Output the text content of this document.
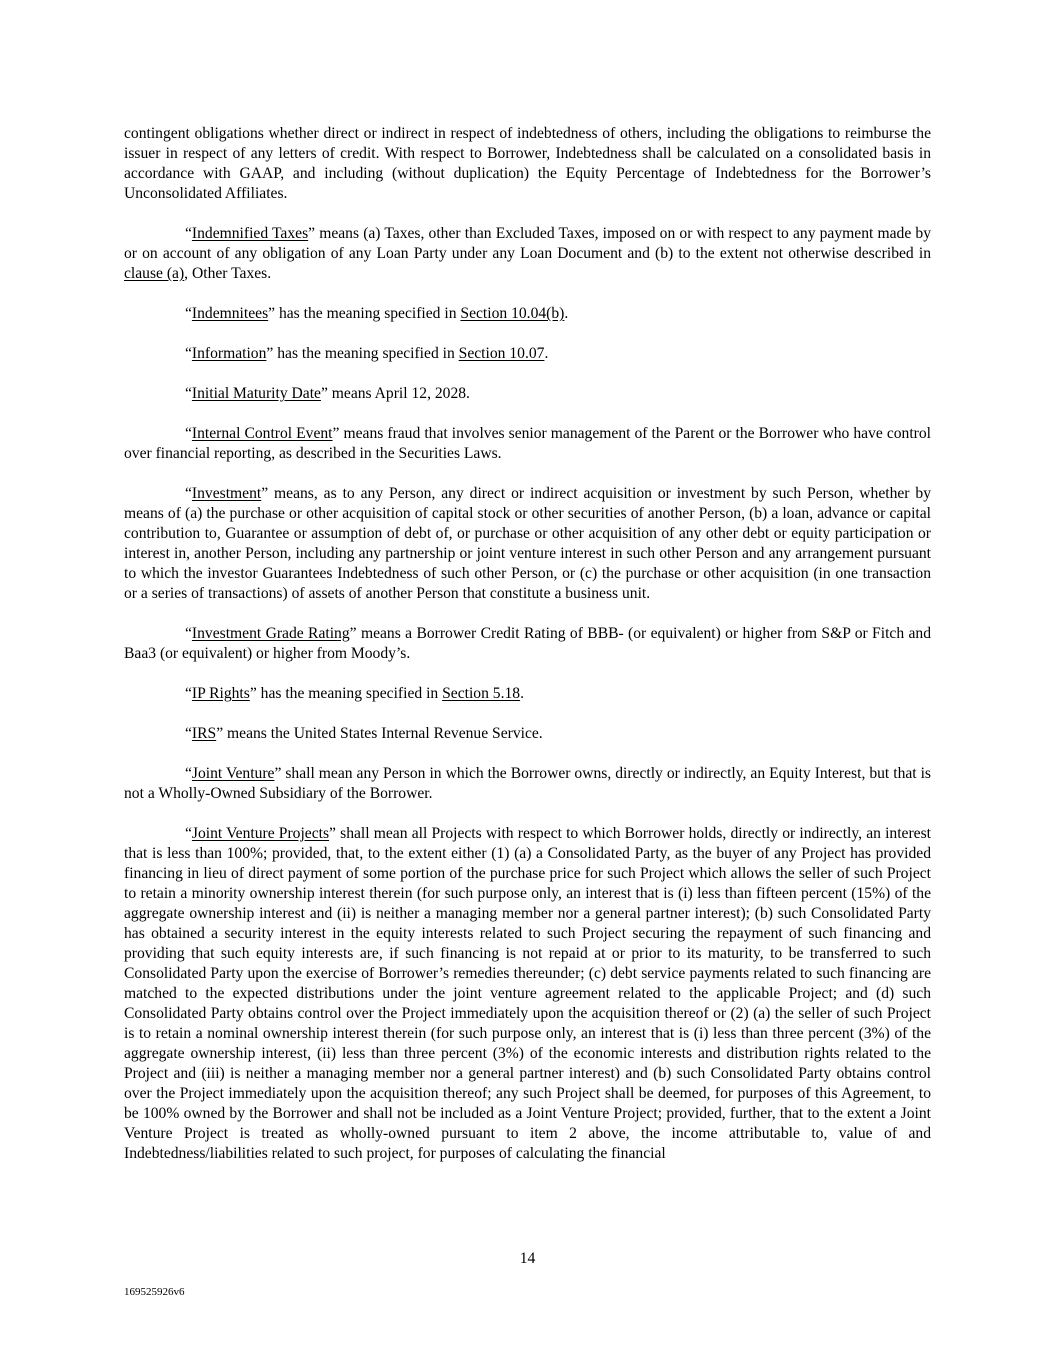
contingent obligations whether direct or indirect in respect of indebtedness of others, including the obligations to reimburse the issuer in respect of any letters of credit. With respect to Borrower, Indebtedness shall be calculated on a consolidated basis in accordance with GAAP, and including (without duplication) the Equity Percentage of Indebtedness for the Borrower’s Unconsolidated Affiliates.

“Indemnified Taxes” means (a) Taxes, other than Excluded Taxes, imposed on or with respect to any payment made by or on account of any obligation of any Loan Party under any Loan Document and (b) to the extent not otherwise described in clause (a), Other Taxes.

“Indemnitees” has the meaning specified in Section 10.04(b).

“Information” has the meaning specified in Section 10.07.

“Initial Maturity Date” means April 12, 2028.

“Internal Control Event” means fraud that involves senior management of the Parent or the Borrower who have control over financial reporting, as described in the Securities Laws.

“Investment” means, as to any Person, any direct or indirect acquisition or investment by such Person, whether by means of (a) the purchase or other acquisition of capital stock or other securities of another Person, (b) a loan, advance or capital contribution to, Guarantee or assumption of debt of, or purchase or other acquisition of any other debt or equity participation or interest in, another Person, including any partnership or joint venture interest in such other Person and any arrangement pursuant to which the investor Guarantees Indebtedness of such other Person, or (c) the purchase or other acquisition (in one transaction or a series of transactions) of assets of another Person that constitute a business unit.

“Investment Grade Rating” means a Borrower Credit Rating of BBB- (or equivalent) or higher from S&P or Fitch and Baa3 (or equivalent) or higher from Moody’s.

“IP Rights” has the meaning specified in Section 5.18.

“IRS” means the United States Internal Revenue Service.

“Joint Venture” shall mean any Person in which the Borrower owns, directly or indirectly, an Equity Interest, but that is not a Wholly-Owned Subsidiary of the Borrower.

“Joint Venture Projects” shall mean all Projects with respect to which Borrower holds, directly or indirectly, an interest that is less than 100%; provided, that, to the extent either (1) (a) a Consolidated Party, as the buyer of any Project has provided financing in lieu of direct payment of some portion of the purchase price for such Project which allows the seller of such Project to retain a minority ownership interest therein (for such purpose only, an interest that is (i) less than fifteen percent (15%) of the aggregate ownership interest and (ii) is neither a managing member nor a general partner interest); (b) such Consolidated Party has obtained a security interest in the equity interests related to such Project securing the repayment of such financing and providing that such equity interests are, if such financing is not repaid at or prior to its maturity, to be transferred to such Consolidated Party upon the exercise of Borrower’s remedies thereunder; (c) debt service payments related to such financing are matched to the expected distributions under the joint venture agreement related to the applicable Project; and (d) such Consolidated Party obtains control over the Project immediately upon the acquisition thereof or (2) (a) the seller of such Project is to retain a nominal ownership interest therein (for such purpose only, an interest that is (i) less than three percent (3%) of the aggregate ownership interest, (ii) less than three percent (3%) of the economic interests and distribution rights related to the Project and (iii) is neither a managing member nor a general partner interest) and (b) such Consolidated Party obtains control over the Project immediately upon the acquisition thereof; any such Project shall be deemed, for purposes of this Agreement, to be 100% owned by the Borrower and shall not be included as a Joint Venture Project; provided, further, that to the extent a Joint Venture Project is treated as wholly-owned pursuant to item 2 above, the income attributable to, value of and Indebtedness/liabilities related to such project, for purposes of calculating the financial

14
169525926v6
